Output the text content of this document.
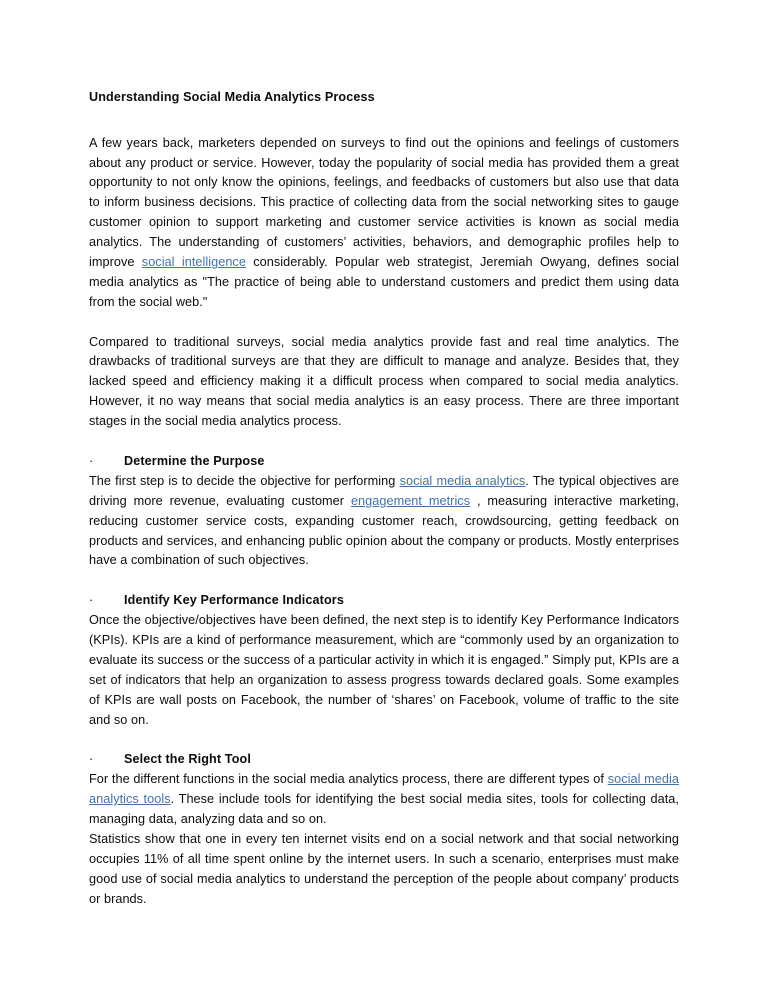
Understanding Social Media Analytics Process

A few years back, marketers depended on surveys to find out the opinions and feelings of customers about any product or service. However, today the popularity of social media has provided them a great opportunity to not only know the opinions, feelings, and feedbacks of customers but also use that data to inform business decisions. This practice of collecting data from the social networking sites to gauge customer opinion to support marketing and customer service activities is known as social media analytics. The understanding of customers’ activities, behaviors, and demographic profiles help to improve social intelligence considerably. Popular web strategist, Jeremiah Owyang, defines social media analytics as "The practice of being able to understand customers and predict them using data from the social web."

Compared to traditional surveys, social media analytics provide fast and real time analytics. The drawbacks of traditional surveys are that they are difficult to manage and analyze. Besides that, they lacked speed and efficiency making it a difficult process when compared to social media analytics. However, it no way means that social media analytics is an easy process. There are three important stages in the social media analytics process.

· Determine the Purpose

The first step is to decide the objective for performing social media analytics. The typical objectives are driving more revenue, evaluating customer engagement metrics , measuring interactive marketing, reducing customer service costs, expanding customer reach, crowdsourcing, getting feedback on products and services, and enhancing public opinion about the company or products. Mostly enterprises have a combination of such objectives.

· Identify Key Performance Indicators

Once the objective/objectives have been defined, the next step is to identify Key Performance Indicators (KPIs). KPIs are a kind of performance measurement, which are “commonly used by an organization to evaluate its success or the success of a particular activity in which it is engaged.” Simply put, KPIs are a set of indicators that help an organization to assess progress towards declared goals. Some examples of KPIs are wall posts on Facebook, the number of ‘shares’ on Facebook, volume of traffic to the site and so on.

· Select the Right Tool

For the different functions in the social media analytics process, there are different types of social media analytics tools. These include tools for identifying the best social media sites, tools for collecting data, managing data, analyzing data and so on.

Statistics show that one in every ten internet visits end on a social network and that social networking occupies 11% of all time spent online by the internet users. In such a scenario, enterprises must make good use of social media analytics to understand the perception of the people about company’ products or brands.
